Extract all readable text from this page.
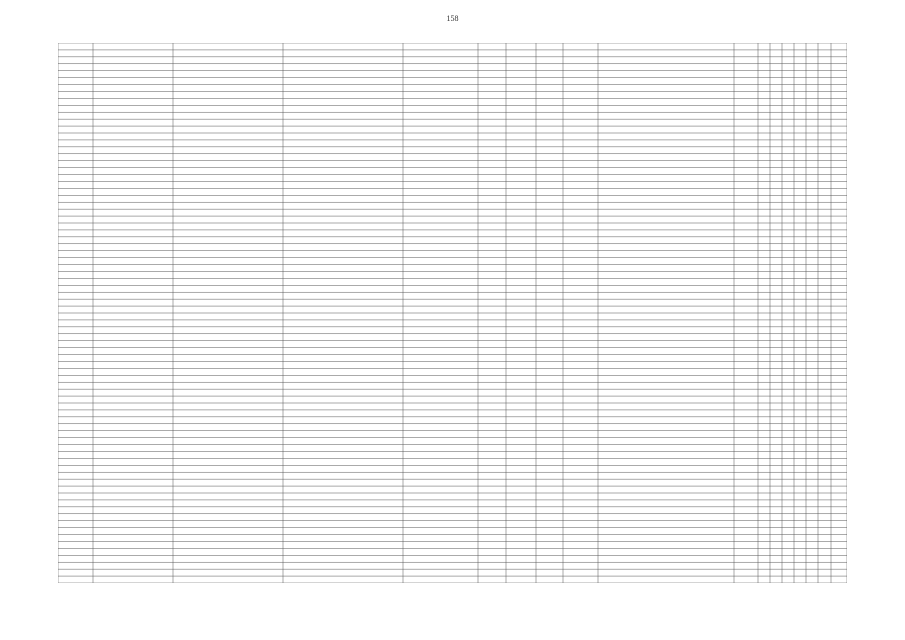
158
